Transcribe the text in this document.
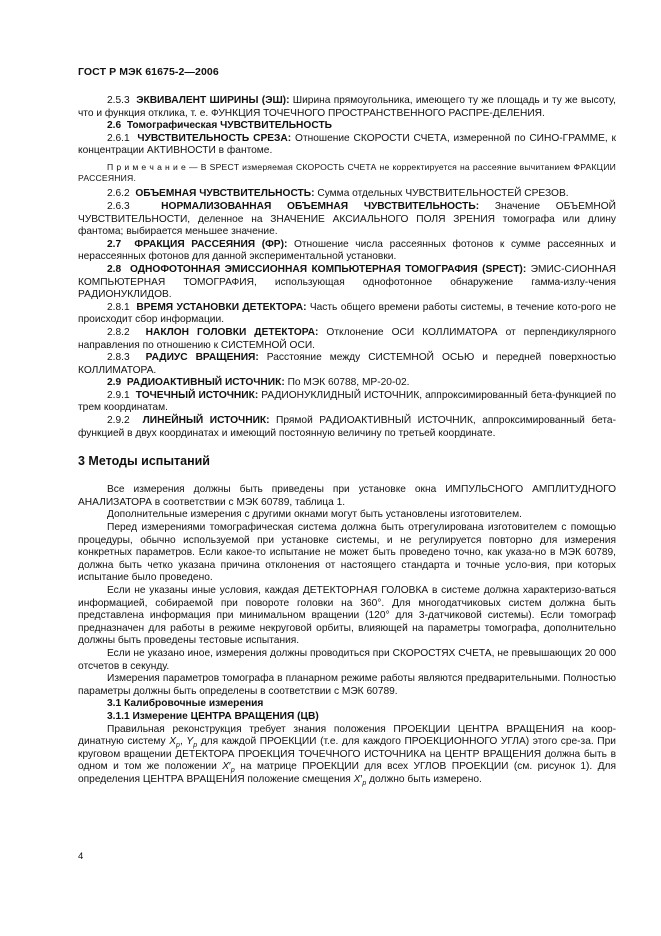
ГОСТ Р МЭК 61675-2—2006

2.5.3 ЭКВИВАЛЕНТ ШИРИНЫ (ЭШ): Ширина прямоугольника, имеющего ту же площадь и ту же высоту, что и функция отклика, т. е. ФУНКЦИЯ ТОЧЕЧНОГО ПРОСТРАНСТВЕННОГО РАСПРЕ-ДЕЛЕНИЯ.

2.6 Томографическая ЧУВСТВИТЕЛЬНОСТЬ

2.6.1 ЧУВСТВИТЕЛЬНОСТЬ СРЕЗА: Отношение СКОРОСТИ СЧЕТА, измеренной по СИНО-ГРАММЕ, к концентрации АКТИВНОСТИ в фантоме.

П р и м е ч а н и е — В SPECT измеряемая СКОРОСТЬ СЧЕТА не корректируется на рассеяние вычитанием ФРАКЦИИ РАССЕЯНИЯ.

2.6.2 ОБЪЕМНАЯ ЧУВСТВИТЕЛЬНОСТЬ: Сумма отдельных ЧУВСТВИТЕЛЬНОСТЕЙ СРЕЗОВ.

2.6.3	НОРМАЛИЗОВАННАЯ ОБЪЕМНАЯ ЧУВСТВИТЕЛЬНОСТЬ: Значение ОБЪЕМНОЙ ЧУВСТВИТЕЛЬНОСТИ, деленное на ЗНАЧЕНИЕ АКСИАЛЬНОГО ПОЛЯ ЗРЕНИЯ томографа или длину фантома; выбирается меньшее значение.

2.7 ФРАКЦИЯ РАССЕЯНИЯ (ФР): Отношение числа рассеянных фотонов к сумме рассеянных и нерассеянных фотонов для данной экспериментальной установки.

2.8 ОДНОФОТОННАЯ ЭМИССИОННАЯ КОМПЬЮТЕРНАЯ ТОМОГРАФИЯ (SPECT): ЭМИС-СИОННАЯ КОМПЬЮТЕРНАЯ ТОМОГРАФИЯ, использующая однофотонное обнаружение гамма-излу-чения РАДИОНУКЛИДОВ.

2.8.1 ВРЕМЯ УСТАНОВКИ ДЕТЕКТОРА: Часть общего времени работы системы, в течение кото-рого не происходит сбор информации.

2.8.2 НАКЛОН ГОЛОВКИ ДЕТЕКТОРА: Отклонение ОСИ КОЛЛИМАТОРА от перпендикулярного направления по отношению к СИСТЕМНОЙ ОСИ.

2.8.3 РАДИУС ВРАЩЕНИЯ: Расстояние между СИСТЕМНОЙ ОСЬЮ и передней поверхностью КОЛЛИМАТОРА.

2.9 РАДИОАКТИВНЫЙ ИСТОЧНИК: По МЭК 60788, МР-20-02.

2.9.1 ТОЧЕЧНЫЙ ИСТОЧНИК: РАДИОНУКЛИДНЫЙ ИСТОЧНИК, аппроксимированный бета-функцией по трем координатам.

2.9.2 ЛИНЕЙНЫЙ ИСТОЧНИК: Прямой РАДИОАКТИВНЫЙ ИСТОЧНИК, аппроксимированный бета-функцией в двух координатах и имеющий постоянную величину по третьей координате.

3 Методы испытаний

Все измерения должны быть приведены при установке окна ИМПУЛЬСНОГО АМПЛИТУДНОГО АНАЛИЗАТОРА в соответствии с МЭК 60789, таблица 1.

Дополнительные измерения с другими окнами могут быть установлены изготовителем.

Перед измерениями томографическая система должна быть отрегулирована изготовителем с помощью процедуры, обычно используемой при установке системы, и не регулируется повторно для измерения конкретных параметров. Если какое-то испытание не может быть проведено точно, как указа-но в МЭК 60789, должна быть четко указана причина отклонения от настоящего стандарта и точные усло-вия, при которых испытание было проведено.

Если не указаны иные условия, каждая ДЕТЕКТОРНАЯ ГОЛОВКА в системе должна характеризо-ваться информацией, собираемой при повороте головки на 360°. Для многодатчиковых систем должна быть представлена информация при минимальном вращении (120° для 3-датчиковой системы). Если томограф предназначен для работы в режиме некруговой орбиты, влияющей на параметры томографа, дополнительно должны быть проведены тестовые испытания.

Если не указано иное, измерения должны проводиться при СКОРОСТЯХ СЧЕТА, не превышающих 20 000 отсчетов в секунду.

Измерения параметров томографа в планарном режиме работы являются предварительными. Полностью параметры должны быть определены в соответствии с МЭК 60789.

3.1 Калибровочные измерения

3.1.1 Измерение ЦЕНТРА ВРАЩЕНИЯ (ЦВ)

Правильная реконструкция требует знания положения ПРОЕКЦИИ ЦЕНТРА ВРАЩЕНИЯ на коор-динатную систему $X_p$, $Y_p$ для каждой ПРОЕКЦИИ (т.е. для каждого ПРОЕКЦИОННОГО УГЛА) этого сре-за. При круговом вращении ДЕТЕКТОРА ПРОЕКЦИЯ ТОЧЕЧНОГО ИСТОЧНИКА на ЦЕНТР ВРАЩЕНИЯ должна быть в одном и том же положении $X'_p$ на матрице ПРОЕКЦИИ для всех УГЛОВ ПРОЕКЦИИ (см. рисунок 1). Для определения ЦЕНТРА ВРАЩЕНИЯ положение смещения $X'_p$ должно быть измерено.

4
